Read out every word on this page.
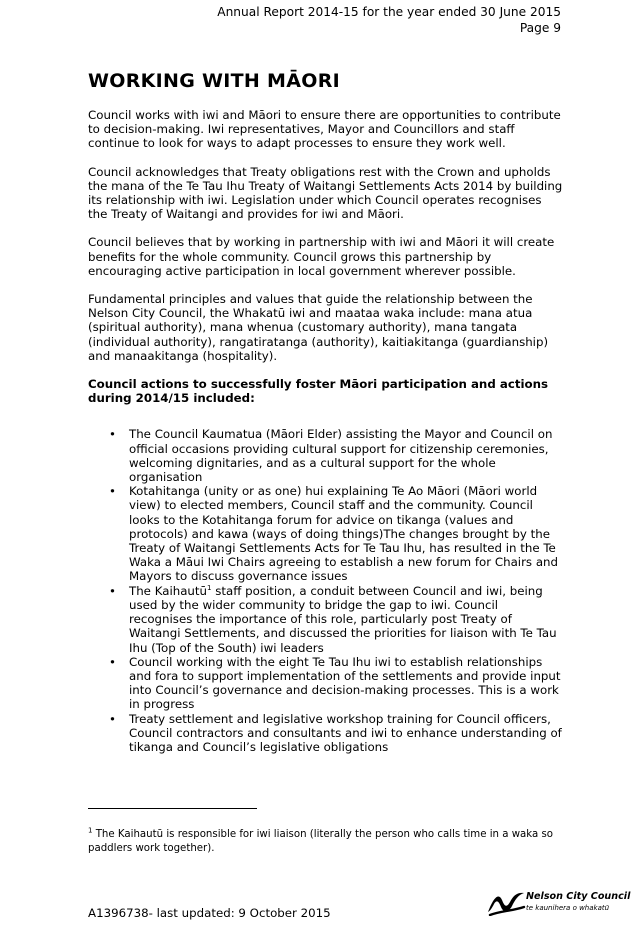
Annual Report 2014-15 for the year ended 30 June 2015
Page 9
WORKING WITH MĀORI

Council works with iwi and Māori to ensure there are opportunities to contribute to decision-making. Iwi representatives, Mayor and Councillors and staff continue to look for ways to adapt processes to ensure they work well.

Council acknowledges that Treaty obligations rest with the Crown and upholds the mana of the Te Tau Ihu Treaty of Waitangi Settlements Acts 2014 by building its relationship with iwi. Legislation under which Council operates recognises the Treaty of Waitangi and provides for iwi and Māori.

Council believes that by working in partnership with iwi and Māori it will create benefits for the whole community. Council grows this partnership by encouraging active participation in local government wherever possible.

Fundamental principles and values that guide the relationship between the Nelson City Council, the Whakatū iwi and maataa waka include: mana atua (spiritual authority), mana whenua (customary authority), mana tangata (individual authority), rangatiratanga (authority), kaitiakitanga (guardianship) and manaakitanga (hospitality).

Council actions to successfully foster Māori participation and actions during 2014/15 included:

• The Council Kaumatua (Māori Elder) assisting the Mayor and Council on official occasions providing cultural support for citizenship ceremonies, welcoming dignitaries, and as a cultural support for the whole organisation
• Kotahitanga (unity or as one) hui explaining Te Ao Māori (Māori world view) to elected members, Council staff and the community. Council looks to the Kotahitanga forum for advice on tikanga (values and protocols) and kawa (ways of doing things)The changes brought by the Treaty of Waitangi Settlements Acts for Te Tau Ihu, has resulted in the Te Waka a Māui Iwi Chairs agreeing to establish a new forum for Chairs and Mayors to discuss governance issues
• The Kaihautū$^1$ staff position, a conduit between Council and iwi, being used by the wider community to bridge the gap to iwi. Council recognises the importance of this role, particularly post Treaty of Waitangi Settlements, and discussed the priorities for liaison with Te Tau Ihu (Top of the South) iwi leaders
• Council working with the eight Te Tau Ihu iwi to establish relationships and fora to support implementation of the settlements and provide input into Council’s governance and decision-making processes. This is a work in progress
• Treaty settlement and legislative workshop training for Council officers, Council contractors and consultants and iwi to enhance understanding of tikanga and Council’s legislative obligations
$^1$ The Kaihautū is responsible for iwi liaison (literally the person who calls time in a waka so paddlers work together).
A1396738- last updated: 9 October 2015
Nelson City Council
te kaunihera o whakatū
